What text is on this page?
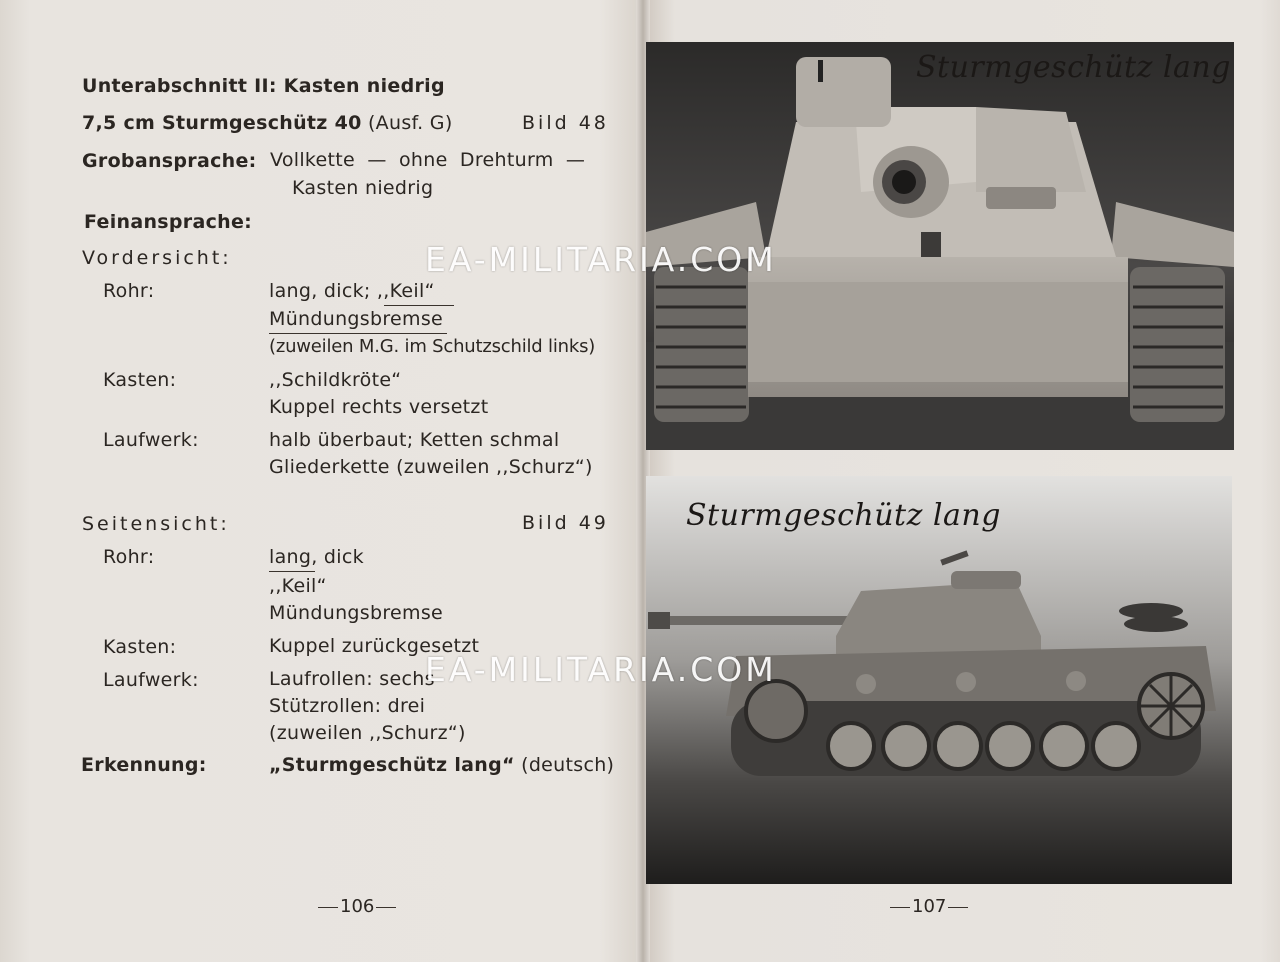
Unterabschnitt II: Kasten niedrig
7,5 cm Sturmgeschütz 40 (Ausf. G)	Bild 48
Grobansprache: Vollkette — ohne Drehturm —
Kasten niedrig
Feinansprache:
Vordersicht:
Rohr:	lang, dick; ,,Keil“
Mündungsbremse
(zuweilen M.G. im Schutzschild links)
Kasten:	,,Schildkröte“
Kuppel rechts versetzt
Laufwerk:	halb überbaut; Ketten schmal
Gliederkette (zuweilen ,,Schurz“)
Seitensicht:	Bild 49
Rohr:	lang, dick
,,Keil“
Mündungsbremse
Kasten:	Kuppel zurückgesetzt
Laufwerk:	Laufrollen: sechs
Stützrollen: drei
(zuweilen ,,Schurz“)
Erkennung:	„Sturmgeschütz lang“ (deutsch)
106
Sturmgeschütz lang
Sturmgeschütz lang
107
EA-MILITARIA.COM
EA-MILITARIA.COM
